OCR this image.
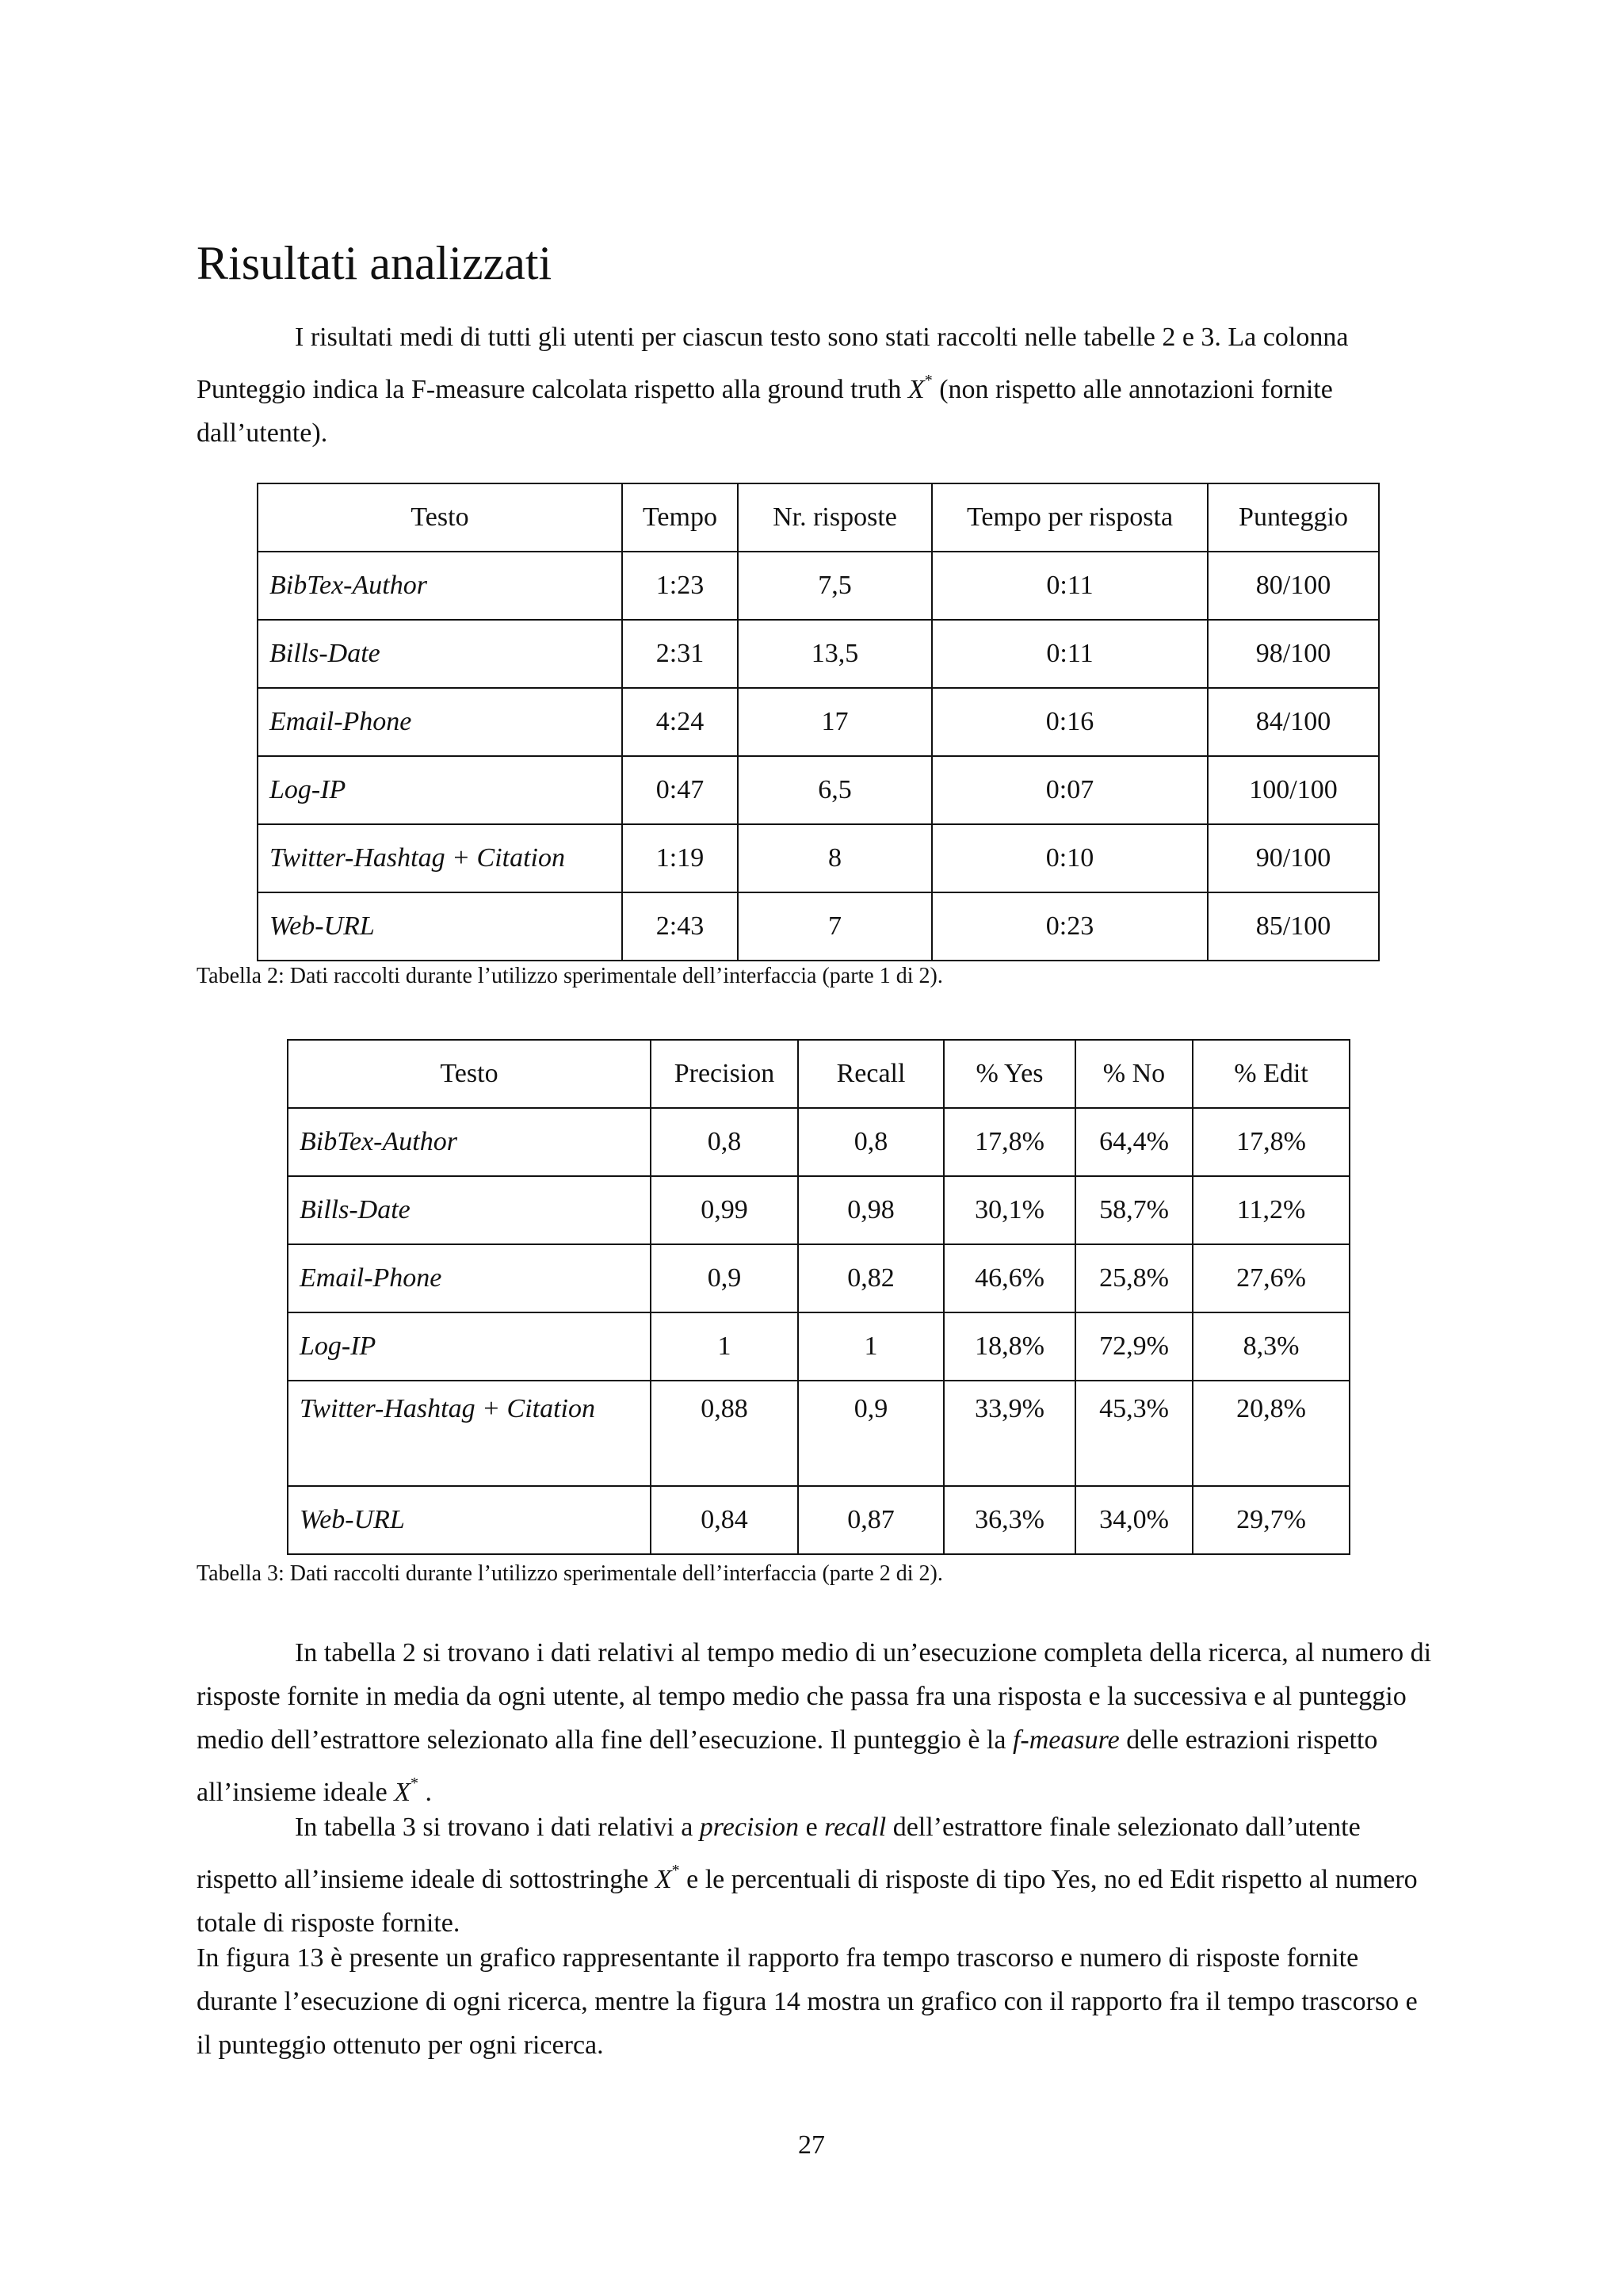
Risultati analizzati

I risultati medi di tutti gli utenti per ciascun testo sono stati raccolti nelle tabelle 2 e 3. La colonna Punteggio indica la F-measure calcolata rispetto alla ground truth X* (non rispetto alle annotazioni fornite dall’utente).

Testo	Tempo	Nr. risposte	Tempo per risposta	Punteggio
BibTex-Author	1:23	7,5	0:11	80/100
Bills-Date	2:31	13,5	0:11	98/100
Email-Phone	4:24	17	0:16	84/100
Log-IP	0:47	6,5	0:07	100/100
Twitter-Hashtag + Citation	1:19	8	0:10	90/100
Web-URL	2:43	7	0:23	85/100

Tabella 2: Dati raccolti durante l’utilizzo sperimentale dell’interfaccia (parte 1 di 2).

Testo	Precision	Recall	% Yes	% No	% Edit
BibTex-Author	0,8	0,8	17,8%	64,4%	17,8%
Bills-Date	0,99	0,98	30,1%	58,7%	11,2%
Email-Phone	0,9	0,82	46,6%	25,8%	27,6%
Log-IP	1	1	18,8%	72,9%	8,3%
Twitter-Hashtag + Citation	0,88	0,9	33,9%	45,3%	20,8%
Web-URL	0,84	0,87	36,3%	34,0%	29,7%

Tabella 3: Dati raccolti durante l’utilizzo sperimentale dell’interfaccia (parte 2 di 2).

In tabella 2 si trovano i dati relativi al tempo medio di un’esecuzione completa della ricerca, al numero di risposte fornite in media da ogni utente, al tempo medio che passa fra una risposta e la successiva e al punteggio medio dell’estrattore selezionato alla fine dell’esecuzione. Il punteggio è la f-measure delle estrazioni rispetto all’insieme ideale X* .

In tabella 3 si trovano i dati relativi a precision e recall dell’estrattore finale selezionato dall’utente rispetto all’insieme ideale di sottostringhe X* e le percentuali di risposte di tipo Yes, no ed Edit rispetto al numero totale di risposte fornite.

In figura 13 è presente un grafico rappresentante il rapporto fra tempo trascorso e numero di risposte fornite durante l’esecuzione di ogni ricerca, mentre la figura 14 mostra un grafico con il rapporto fra il tempo trascorso e il punteggio ottenuto per ogni ricerca.

27
